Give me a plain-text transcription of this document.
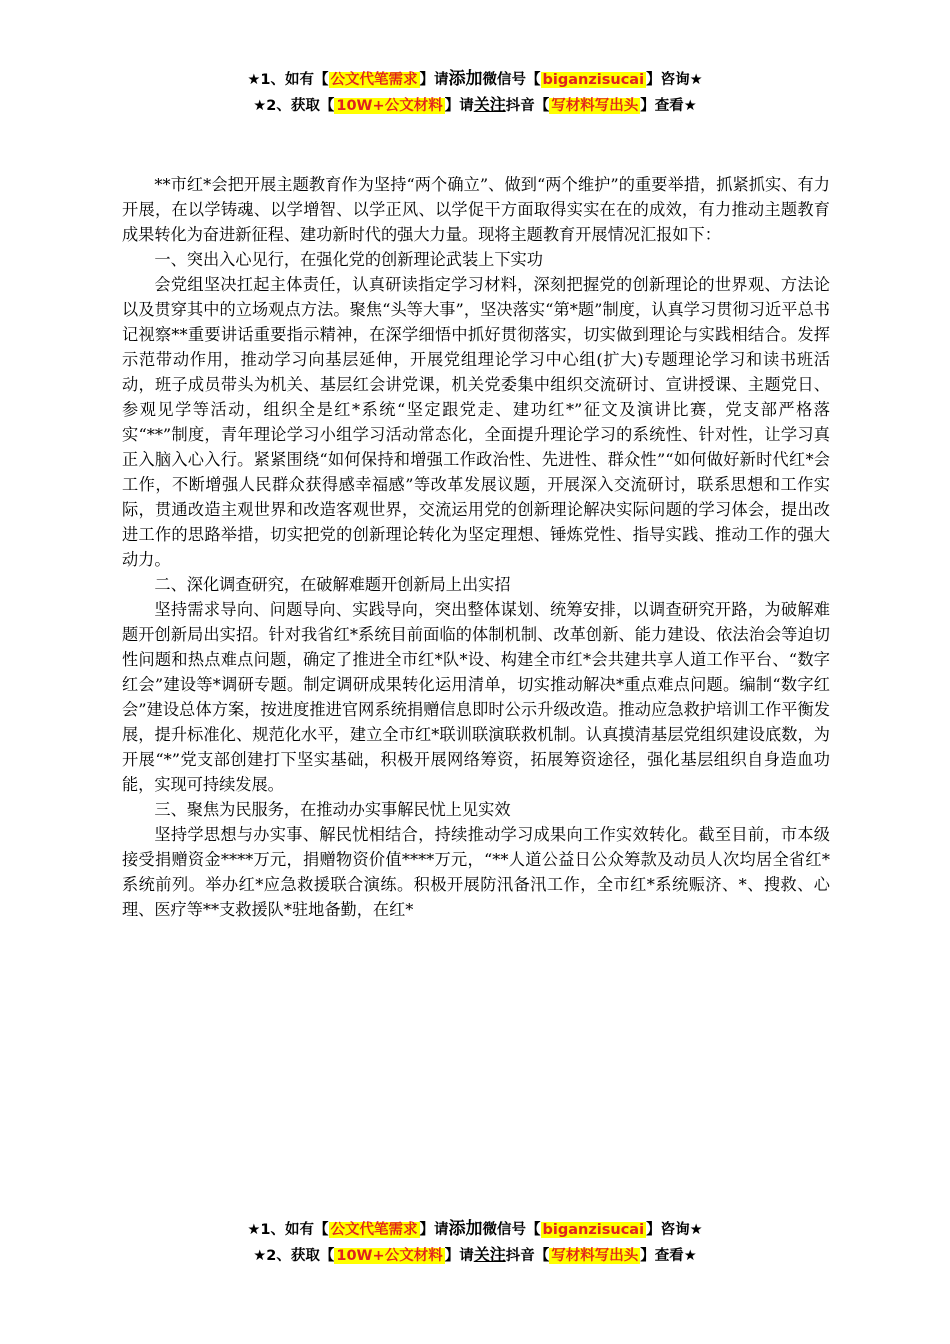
★1、如有【 公文代笔需求 】请添加微信号【 biganzisucai 】咨询★
★2、获取【 10W+公文材料 】请关注抖音【 写材料写出头 】查看★

**市红*会把开展主题教育作为坚持“两个确立”、做到“两个维护”的重要举措，抓紧抓实、有力开展，在以学铸魂、以学增智、以学正风、以学促干方面取得实实在在的成效，有力推动主题教育成果转化为奋进新征程、建功新时代的强大力量。现将主题教育开展情况汇报如下：

一、突出入心见行，在强化党的创新理论武装上下实功

会党组坚决扛起主体责任，认真研读指定学习材料，深刻把握党的创新理论的世界观、方法论以及贯穿其中的立场观点方法。聚焦“头等大事”，坚决落实“第*题”制度，认真学习贯彻习近平总书记视察**重要讲话重要指示精神，在深学细悟中抓好贯彻落实，切实做到理论与实践相结合。发挥示范带动作用，推动学习向基层延伸，开展党组理论学习中心组(扩大)专题理论学习和读书班活动，班子成员带头为机关、基层红会讲党课，机关党委集中组织交流研讨、宣讲授课、主题党日、参观见学等活动，组织全是红*系统“坚定跟党走、建功红*”征文及演讲比赛，党支部严格落实“**”制度，青年理论学习小组学习活动常态化，全面提升理论学习的系统性、针对性，让学习真正入脑入心入行。紧紧围绕“如何保持和增强工作政治性、先进性、群众性”“如何做好新时代红*会工作，不断增强人民群众获得感幸福感”等改革发展议题，开展深入交流研讨，联系思想和工作实际，贯通改造主观世界和改造客观世界，交流运用党的创新理论解决实际问题的学习体会，提出改进工作的思路举措，切实把党的创新理论转化为坚定理想、锤炼党性、指导实践、推动工作的强大动力。

二、深化调查研究，在破解难题开创新局上出实招

坚持需求导向、问题导向、实践导向，突出整体谋划、统筹安排，以调查研究开路，为破解难题开创新局出实招。针对我省红*系统目前面临的体制机制、改革创新、能力建设、依法治会等迫切性问题和热点难点问题，确定了推进全市红*队*设、构建全市红*会共建共享人道工作平台、“数字红会”建设等*调研专题。制定调研成果转化运用清单，切实推动解决*重点难点问题。编制“数字红会”建设总体方案，按进度推进官网系统捐赠信息即时公示升级改造。推动应急救护培训工作平衡发展，提升标准化、规范化水平，建立全市红*联训联演联救机制。认真摸清基层党组织建设底数，为开展“*”党支部创建打下坚实基础，积极开展网络筹资，拓展筹资途径，强化基层组织自身造血功能，实现可持续发展。

三、聚焦为民服务，在推动办实事解民忧上见实效

坚持学思想与办实事、解民忧相结合，持续推动学习成果向工作实效转化。截至目前，市本级接受捐赠资金****万元，捐赠物资价值****万元，“**人道公益日公众筹款及动员人次均居全省红*系统前列。举办红*应急救援联合演练。积极开展防汛备汛工作，全市红*系统赈济、*、搜救、心理、医疗等**支救援队*驻地备勤，在红*

★1、如有【 公文代笔需求 】请添加微信号【 biganzisucai 】咨询★
★2、获取【 10W+公文材料 】请关注抖音【 写材料写出头 】查看★
